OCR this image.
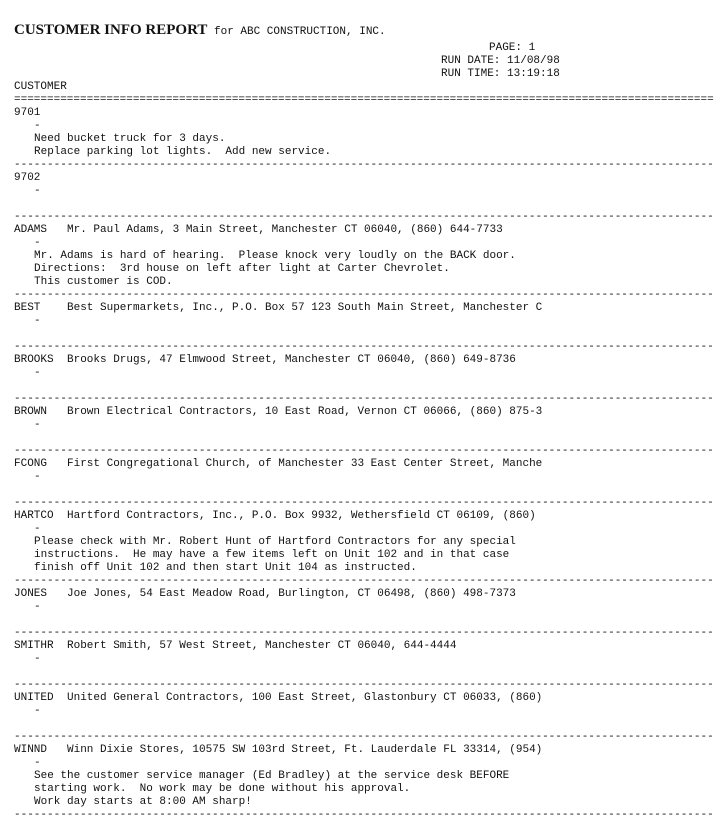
CUSTOMER INFO REPORT for ABC CONSTRUCTION, INC.
PAGE: 1
RUN DATE: 11/08/98
RUN TIME: 13:19:18
CUSTOMER
==========================================================================================================
9701
-
Need bucket truck for 3 days.
Replace parking lot lights.  Add new service.
----------------------------------------------------------------------------------------------------------
9702
-
----------------------------------------------------------------------------------------------------------
ADAMS Mr. Paul Adams, 3 Main Street, Manchester CT 06040, (860) 644-7733
-
Mr. Adams is hard of hearing.  Please knock very loudly on the BACK door.
Directions:  3rd house on left after light at Carter Chevrolet.
This customer is COD.
----------------------------------------------------------------------------------------------------------
BEST Best Supermarkets, Inc., P.O. Box 57 123 South Main Street, Manchester C
-
----------------------------------------------------------------------------------------------------------
BROOKS Brooks Drugs, 47 Elmwood Street, Manchester CT 06040, (860) 649-8736
-
----------------------------------------------------------------------------------------------------------
BROWN Brown Electrical Contractors, 10 East Road, Vernon CT 06066, (860) 875-3
-
----------------------------------------------------------------------------------------------------------
FCONG First Congregational Church, of Manchester 33 East Center Street, Manche
-
----------------------------------------------------------------------------------------------------------
HARTCO Hartford Contractors, Inc., P.O. Box 9932, Wethersfield CT 06109, (860)
-
Please check with Mr. Robert Hunt of Hartford Contractors for any special
instructions.  He may have a few items left on Unit 102 and in that case
finish off Unit 102 and then start Unit 104 as instructed.
----------------------------------------------------------------------------------------------------------
JONES Joe Jones, 54 East Meadow Road, Burlington, CT 06498, (860) 498-7373
-
----------------------------------------------------------------------------------------------------------
SMITHR Robert Smith, 57 West Street, Manchester CT 06040, 644-4444
-
----------------------------------------------------------------------------------------------------------
UNITED United General Contractors, 100 East Street, Glastonbury CT 06033, (860)
-
----------------------------------------------------------------------------------------------------------
WINND Winn Dixie Stores, 10575 SW 103rd Street, Ft. Lauderdale FL 33314, (954)
-
See the customer service manager (Ed Bradley) at the service desk BEFORE
starting work.  No work may be done without his approval.
Work day starts at 8:00 AM sharp!
----------------------------------------------------------------------------------------------------------
